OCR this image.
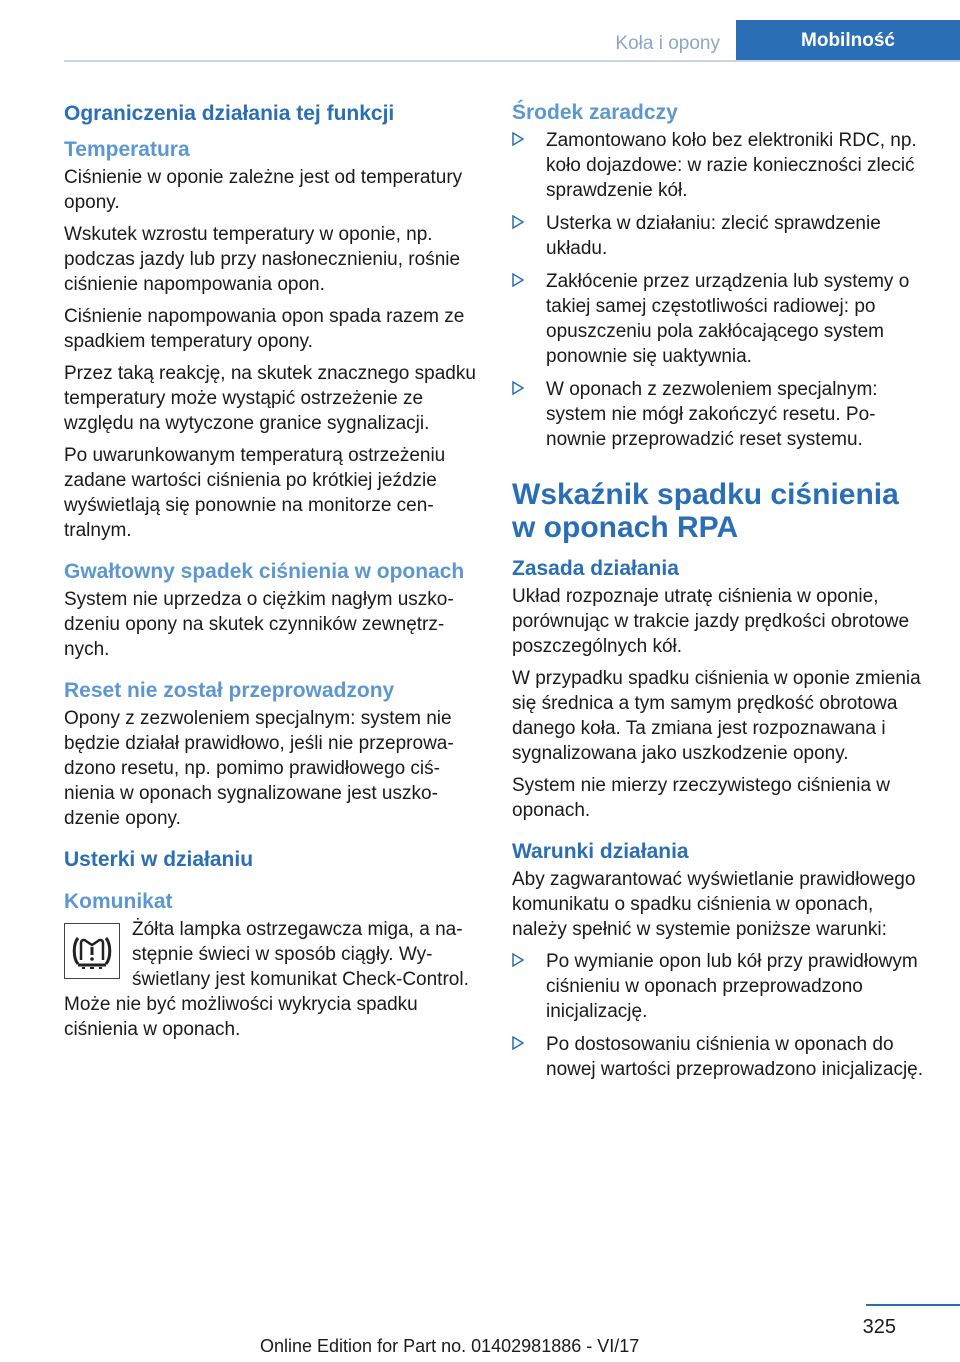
Koła i opony	Mobilność
Ograniczenia działania tej funkcji
Temperatura

Ciśnienie w oponie zależne jest od temperatury opony.

Wskutek wzrostu temperatury w oponie, np. podczas jazdy lub przy nasłonecznieniu, rośnie ciśnienie napompowania opon.

Ciśnienie napompowania opon spada razem ze spadkiem temperatury opony.

Przez taką reakcję, na skutek znacznego spadku temperatury może wystąpić ostrzeżenie ze względu na wytyczone granice sygnalizacji.

Po uwarunkowanym temperaturą ostrzeżeniu zadane wartości ciśnienia po krótkiej jeździe wyświetlają się ponownie na monitorze centralnym.

Gwałtowny spadek ciśnienia w oponach

System nie uprzedza o ciężkim nagłym uszkodzeniu opony na skutek czynników zewnętrznych.

Reset nie został przeprowadzony

Opony z zezwoleniem specjalnym: system nie będzie działał prawidłowo, jeśli nie przeprowadzono resetu, np. pomimo prawidłowego ciśnienia w oponach sygnalizowane jest uszkodzenie opony.

Usterki w działaniu
Komunikat

Żółta lampka ostrzegawcza miga, a następnie świeci w sposób ciągły. Wyświetlany jest komunikat Check-Control. Może nie być możliwości wykrycia spadku ciśnienia w oponach.

Środek zaradczy
Zamontowano koło bez elektroniki RDC, np. koło dojazdowe: w razie konieczności zlecić sprawdzenie kół.
Usterka w działaniu: zlecić sprawdzenie układu.
Zakłócenie przez urządzenia lub systemy o takiej samej częstotliwości radiowej: po opuszczeniu pola zakłócającego system ponownie się uaktywnia.
W oponach z zezwoleniem specjalnym: system nie mógł zakończyć resetu. Ponownie przeprowadzić reset systemu.
Wskaźnik spadku ciśnienia w oponach RPA
Zasada działania

Układ rozpoznaje utratę ciśnienia w oponie, porównując w trakcie jazdy prędkości obrotowe poszczególnych kół.

W przypadku spadku ciśnienia w oponie zmienia się średnica a tym samym prędkość obrotowa danego koła. Ta zmiana jest rozpoznawana i sygnalizowana jako uszkodzenie opony.

System nie mierzy rzeczywistego ciśnienia w oponach.

Warunki działania

Aby zagwarantować wyświetlanie prawidłowego komunikatu o spadku ciśnienia w oponach, należy spełnić w systemie poniższe warunki:

Po wymianie opon lub kół przy prawidłowym ciśnieniu w oponach przeprowadzono inicjalizację.
Po dostosowaniu ciśnienia w oponach do nowej wartości przeprowadzono inicjalizację.
325
Online Edition for Part no. 01402981886 - VI/17
